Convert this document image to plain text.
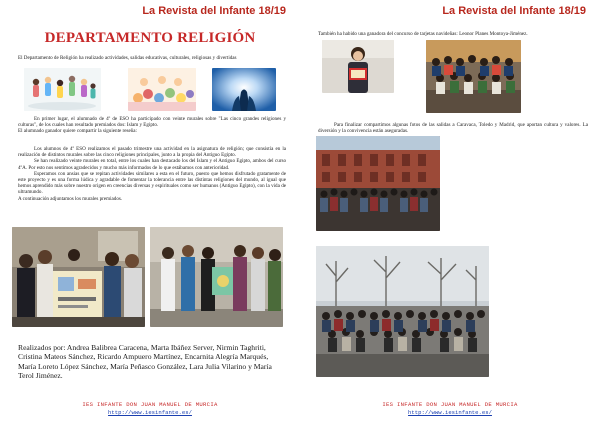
La Revista del Infante 18/19
DEPARTAMENTO RELIGIÓN
El Departamento de Religión ha realizado actividades, salidas educativas, culturales, religiosas y divertidas

En primer lugar, el alumnado de 4º de ESO ha participado con veinte murales sobre "Las cinco grandes religiones y culturas", de los cuales han resultado premiados dos: Islam y Egipto.

El alumnado ganador quiere compartir la siguiente reseña:

Los alumnos de 4º ESO realizamos el pasado trimestre una actividad en la asignatura de religión; que consistía en la realización de distintos murales sobre las cinco religiones principales, junto a la propia del Antiguo Egipto.

Se han realizado veinte murales en total, entre los cuales han destacado los del Islam y el Antiguo Egipto, ambos del curso 4ºA. Por esto nos sentimos agradecidos y mucho más informados de lo que estábamos con anterioridad.

Esperamos con ansias que se repitan actividades similares a esta en el futuro, puesto que hemos disfrutado gratamente de este proyecto y es una forma lúdica y agradable de fomentar la tolerancia entre las distintas religiones del mundo, al igual que hemos aprendido más sobre nuestro origen en creencias diversas y espirituales como ser humanos (Antiguo Egipto), con la vida de ultramundo.

A continuación adjuntamos los murales premiados.

Realizados por: Andrea Balibrea Caracena, Marta Ibáñez Server, Nirmin Taghriti, Cristina Mateos Sánchez, Ricardo Ampuero Martínez, Encarnita Alegría Marqués, María Loreto López Sánchez, María Peñasco González, Lara Julia Vilarino y María Terol Jiménez.
IES INFANTE DON JUAN MANUEL DE MURCIA
http://www.iesinfante.es/
La Revista del Infante 18/19
También ha habido una ganadora del concurso de tarjetas navideñas: Leonor Planes Montoya-Jiménez.

Para finalizar compartimos algunas fotos de las salidas a Caravaca, Toledo y Madrid, que aportan cultura y valores. La diversión y la convivencia están aseguradas.

IES INFANTE DON JUAN MANUEL DE MURCIA
http://www.iesinfante.es/
